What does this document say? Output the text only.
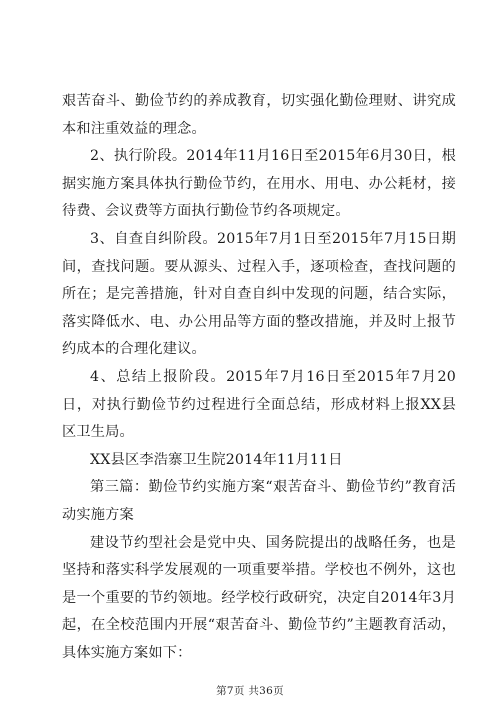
艰苦奋斗、勤俭节约的养成教育，切实强化勤俭理财、讲究成本和注重效益的理念。

2、执行阶段。2014年11月16日至2015年6月30日，根据实施方案具体执行勤俭节约，在用水、用电、办公耗材，接待费、会议费等方面执行勤俭节约各项规定。

3、自查自纠阶段。2015年7月1日至2015年7月15日期间，查找问题。要从源头、过程入手，逐项检查，查找问题的所在；是完善措施，针对自查自纠中发现的问题，结合实际，落实降低水、电、办公用品等方面的整改措施，并及时上报节约成本的合理化建议。

4、总结上报阶段。2015年7月16日至2015年7月20日，对执行勤俭节约过程进行全面总结，形成材料上报XX县区卫生局。

XX县区李浩寨卫生院2014年11月11日

第三篇：勤俭节约实施方案“艰苦奋斗、勤俭节约”教育活动实施方案

建设节约型社会是党中央、国务院提出的战略任务，也是坚持和落实科学发展观的一项重要举措。学校也不例外，这也是一个重要的节约领地。经学校行政研究，决定自2014年3月起，在全校范围内开展“艰苦奋斗、勤俭节约”主题教育活动，具体实施方案如下：

第7页 共36页
